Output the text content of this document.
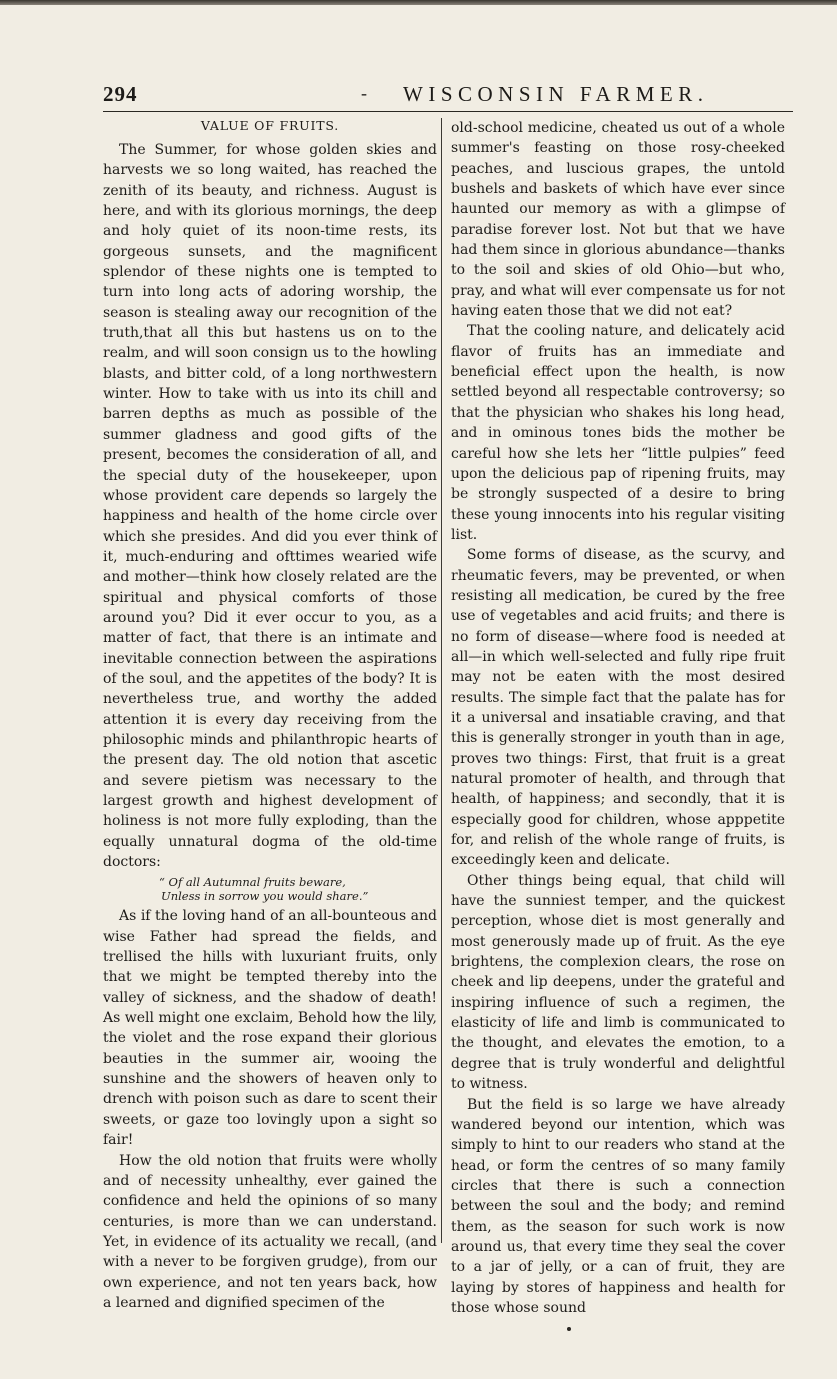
294	- WISCONSIN FARMER.
VALUE OF FRUITS.

The Summer, for whose golden skies and harvests we so long waited, has reached the zenith of its beauty, and richness. August is here, and with its glorious mornings, the deep and holy quiet of its noon-time rests, its gorgeous sunsets, and the magnificent splendor of these nights one is tempted to turn into long acts of adoring worship, the season is stealing away our recognition of the truth,that all this but hastens us on to the realm, and will soon consign us to the howling blasts, and bitter cold, of a long northwestern winter. How to take with us into its chill and barren depths as much as possible of the summer gladness and good gifts of the present, becomes the consideration of all, and the special duty of the housekeeper, upon whose provident care depends so largely the happiness and health of the home circle over which she presides. And did you ever think of it, much-enduring and ofttimes wearied wife and mother—think how closely related are the spiritual and physical comforts of those around you? Did it ever occur to you, as a matter of fact, that there is an intimate and inevitable connection between the aspirations of the soul, and the appetites of the body? It is nevertheless true, and worthy the added attention it is every day receiving from the philosophic minds and philanthropic hearts of the present day. The old notion that ascetic and severe pietism was necessary to the largest growth and highest development of holiness is not more fully exploding, than the equally unnatural dogma of the old-time doctors:

“ Of all Autumnal fruits beware,
Unless in sorrow you would share.”

As if the loving hand of an all-bounteous and wise Father had spread the fields, and trellised the hills with luxuriant fruits, only that we might be tempted thereby into the valley of sickness, and the shadow of death! As well might one exclaim, Behold how the lily, the violet and the rose expand their glorious beauties in the summer air, wooing the sunshine and the showers of heaven only to drench with poison such as dare to scent their sweets, or gaze too lovingly upon a sight so fair!

How the old notion that fruits were wholly and of necessity unhealthy, ever gained the confidence and held the opinions of so many centuries, is more than we can understand. Yet, in evidence of its actuality we recall, (and with a never to be forgiven grudge), from our own experience, and not ten years back, how a learned and dignified specimen of the

old-school medicine, cheated us out of a whole summer's feasting on those rosy-cheeked peaches, and luscious grapes, the untold bushels and baskets of which have ever since haunted our memory as with a glimpse of paradise forever lost. Not but that we have had them since in glorious abundance—thanks to the soil and skies of old Ohio—but who, pray, and what will ever compensate us for not having eaten those that we did not eat?

That the cooling nature, and delicately acid flavor of fruits has an immediate and beneficial effect upon the health, is now settled beyond all respectable controversy; so that the physician who shakes his long head, and in ominous tones bids the mother be careful how she lets her “little pulpies” feed upon the delicious pap of ripening fruits, may be strongly suspected of a desire to bring these young innocents into his regular visiting list.

Some forms of disease, as the scurvy, and rheumatic fevers, may be prevented, or when resisting all medication, be cured by the free use of vegetables and acid fruits; and there is no form of disease—where food is needed at all—in which well-selected and fully ripe fruit may not be eaten with the most desired results. The simple fact that the palate has for it a universal and insatiable craving, and that this is generally stronger in youth than in age, proves two things: First, that fruit is a great natural promoter of health, and through that health, of happiness; and secondly, that it is especially good for children, whose apppetite for, and relish of the whole range of fruits, is exceedingly keen and delicate.

Other things being equal, that child will have the sunniest temper, and the quickest perception, whose diet is most generally and most generously made up of fruit. As the eye brightens, the complexion clears, the rose on cheek and lip deepens, under the grateful and inspiring influence of such a regimen, the elasticity of life and limb is communicated to the thought, and elevates the emotion, to a degree that is truly wonderful and delightful to witness.

But the field is so large we have already wandered beyond our intention, which was simply to hint to our readers who stand at the head, or form the centres of so many family circles that there is such a connection between the soul and the body; and remind them, as the season for such work is now around us, that every time they seal the cover to a jar of jelly, or a can of fruit, they are laying by stores of happiness and health for those whose sound
